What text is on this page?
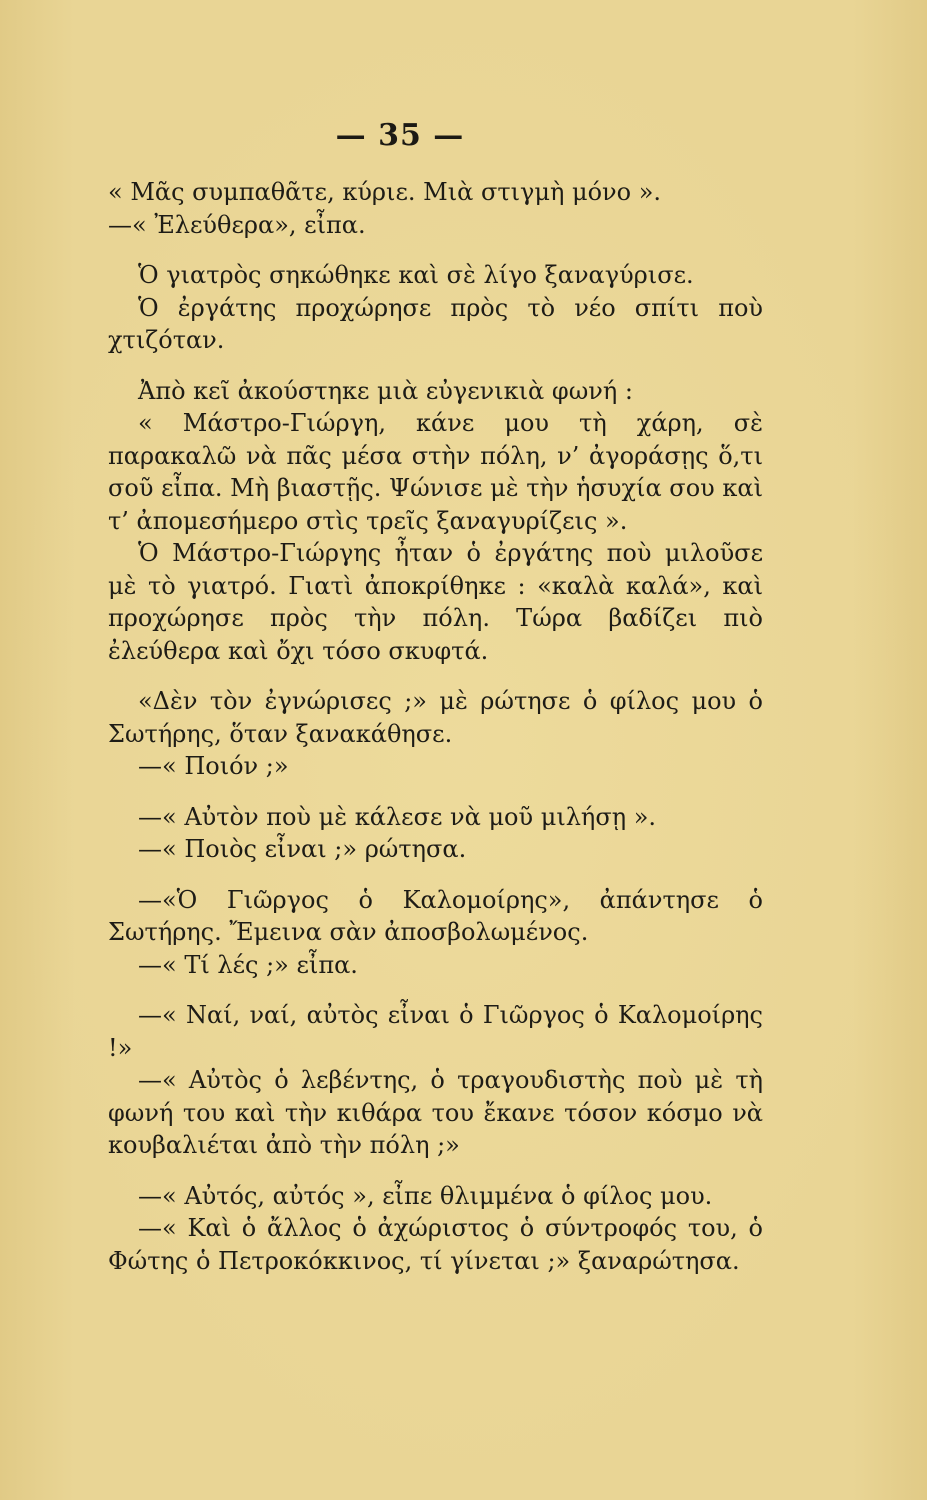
— 35 —

« Μᾶς συμπαθᾶτε, κύριε. Μιὰ στιγμὴ μόνο ».

—« Ἐλεύθερα», εἶπα.

Ὁ γιατρὸς σηκώθηκε καὶ σὲ λίγο ξαναγύρισε.

Ὁ ἐργάτης προχώρησε πρὸς τὸ νέο σπίτι ποὺ χτιζόταν.

Ἀπὸ κεῖ ἀκούστηκε μιὰ εὐγενικιὰ φωνή :

« Μάστρο-Γιώργη, κάνε μου τὴ χάρη, σὲ παρακαλῶ νὰ πᾶς μέσα στὴν πόλη, ν’ ἀγοράσῃς ὅ,τι σοῦ εἶπα. Μὴ βιαστῇς. Ψώνισε μὲ τὴν ἡσυχία σου καὶ τ’ ἀπομεσήμερο στὶς τρεῖς ξαναγυρίζεις ».

Ὁ Μάστρο-Γιώργης ἦταν ὁ ἐργάτης ποὺ μιλοῦσε μὲ τὸ γιατρό. Γιατὶ ἀποκρίθηκε : «καλὰ καλά», καὶ προχώρησε πρὸς τὴν πόλη. Τώρα βαδίζει πιὸ ἐλεύθερα καὶ ὄχι τόσο σκυφτά.

«Δὲν τὸν ἐγνώρισες ;» μὲ ρώτησε ὁ φίλος μου ὁ Σωτήρης, ὅταν ξανακάθησε.

—« Ποιόν ;»

—« Αὐτὸν ποὺ μὲ κάλεσε νὰ μοῦ μιλήσῃ ».

—« Ποιὸς εἶναι ;» ρώτησα.

—«Ὁ Γιῶργος ὁ Καλομοίρης», ἀπάντησε ὁ Σωτήρης. Ἔμεινα σὰν ἀποσβολωμένος.

—« Τί λές ;» εἶπα.

—« Ναί, ναί, αὐτὸς εἶναι ὁ Γιῶργος ὁ Καλομοίρης !»

—« Αὐτὸς ὁ λεβέντης, ὁ τραγουδιστὴς ποὺ μὲ τὴ φωνή του καὶ τὴν κιθάρα του ἔκανε τόσον κόσμο νὰ κουβαλιέται ἀπὸ τὴν πόλη ;»

—« Αὐτός, αὐτός », εἶπε θλιμμένα ὁ φίλος μου.

—« Καὶ ὁ ἄλλος ὁ ἀχώριστος ὁ σύντροφός του, ὁ Φώτης ὁ Πετροκόκκινος, τί γίνεται ;» ξαναρώτησα.
